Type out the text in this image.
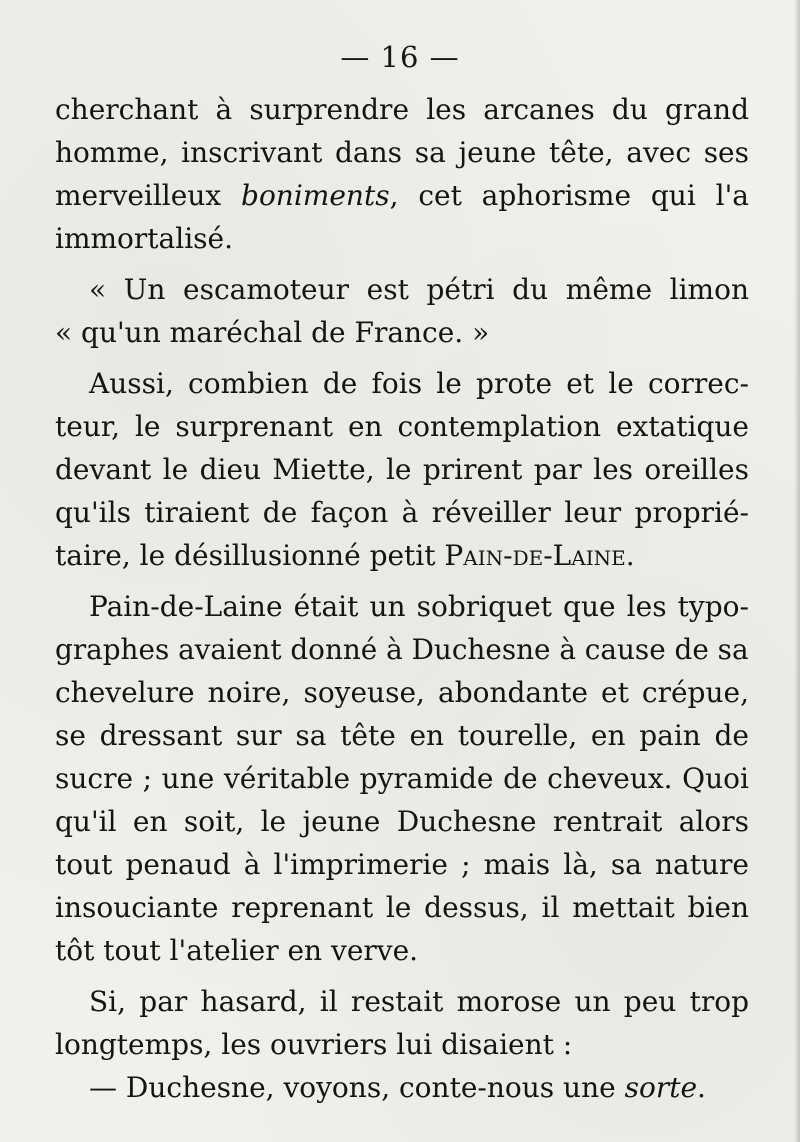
— 16 —
cherchant à surprendre les arcanes du grand
homme, inscrivant dans sa jeune tête, avec ses
merveilleux boniments, cet aphorisme qui l'a
immortalisé.
« Un escamoteur est pétri du même limon
« qu'un maréchal de France. »
Aussi, combien de fois le prote et le correc-
teur, le surprenant en contemplation extatique
devant le dieu Miette, le prirent par les oreilles
qu'ils tiraient de façon à réveiller leur proprié-
taire, le désillusionné petit Pain-de-Laine.
Pain-de-Laine était un sobriquet que les typo-
graphes avaient donné à Duchesne à cause de sa
chevelure noire, soyeuse, abondante et crépue,
se dressant sur sa tête en tourelle, en pain de
sucre ; une véritable pyramide de cheveux. Quoi
qu'il en soit, le jeune Duchesne rentrait alors
tout penaud à l'imprimerie ; mais là, sa nature
insouciante reprenant le dessus, il mettait bien
tôt tout l'atelier en verve.
Si, par hasard, il restait morose un peu trop
longtemps, les ouvriers lui disaient :
— Duchesne, voyons, conte-nous une sorte.
